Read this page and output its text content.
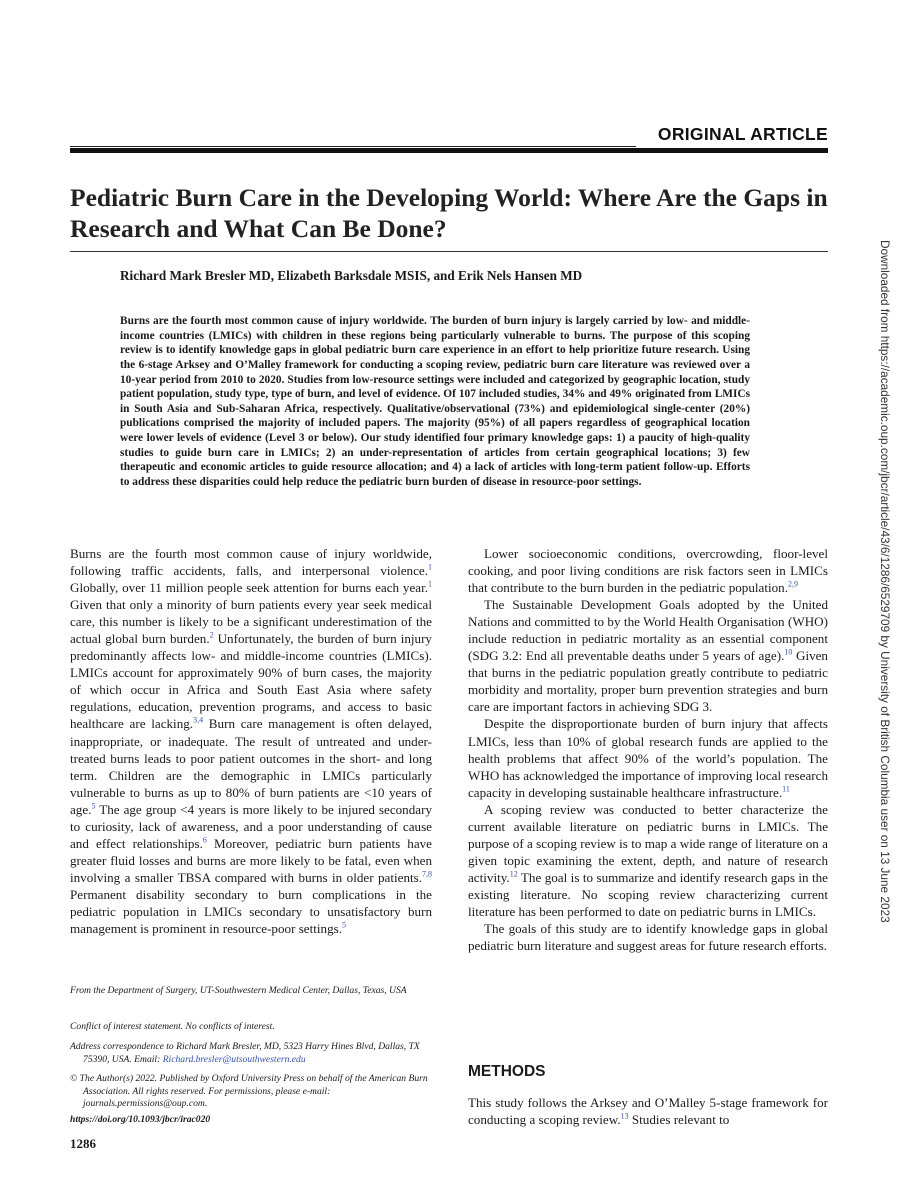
ORIGINAL ARTICLE
Pediatric Burn Care in the Developing World: Where Are the Gaps in Research and What Can Be Done?
Richard Mark Bresler MD, Elizabeth Barksdale MSIS, and Erik Nels Hansen MD
Burns are the fourth most common cause of injury worldwide. The burden of burn injury is largely carried by low- and middle-income countries (LMICs) with children in these regions being particularly vulnerable to burns. The purpose of this scoping review is to identify knowledge gaps in global pediatric burn care experience in an effort to help prioritize future research. Using the 6-stage Arksey and O’Malley framework for conducting a scoping review, pediatric burn care literature was reviewed over a 10-year period from 2010 to 2020. Studies from low-resource settings were included and categorized by geographic location, study patient population, study type, type of burn, and level of evidence. Of 107 included studies, 34% and 49% originated from LMICs in South Asia and Sub-Saharan Africa, respectively. Qualitative/observational (73%) and epidemiological single-center (20%) publications comprised the majority of included papers. The majority (95%) of all papers regardless of geographical location were lower levels of evidence (Level 3 or below). Our study identified four primary knowledge gaps: 1) a paucity of high-quality studies to guide burn care in LMICs; 2) an under-representation of articles from certain geographical locations; 3) few therapeutic and economic articles to guide resource allocation; and 4) a lack of articles with long-term patient follow-up. Efforts to address these disparities could help reduce the pediatric burn burden of disease in resource-poor settings.

Burns are the fourth most common cause of injury worldwide, following traffic accidents, falls, and interpersonal violence.$^1$ Globally, over 11 million people seek attention for burns each year.$^1$ Given that only a minority of burn patients every year seek medical care, this number is likely to be a significant underestimation of the actual global burn burden.$^2$ Unfortunately, the burden of burn injury predominantly affects low- and middle-income countries (LMICs). LMICs account for approximately 90% of burn cases, the majority of which occur in Africa and South East Asia where safety regulations, education, prevention programs, and access to basic healthcare are lacking.$^{3,4}$ Burn care management is often delayed, inappropriate, or inadequate. The result of untreated and under-treated burns leads to poor patient outcomes in the short- and long term. Children are the demographic in LMICs particularly vulnerable to burns as up to 80% of burn patients are <10 years of age.$^5$ The age group <4 years is more likely to be injured secondary to curiosity, lack of awareness, and a poor understanding of cause and effect relationships.$^6$ Moreover, pediatric burn patients have greater fluid losses and burns are more likely to be fatal, even when involving a smaller TBSA compared with burns in older patients.$^{7,8}$ Permanent disability secondary to burn complications in the pediatric population in LMICs secondary to unsatisfactory burn management is prominent in resource-poor settings.$^5$

Lower socioeconomic conditions, overcrowding, floor-level cooking, and poor living conditions are risk factors seen in LMICs that contribute to the burn burden in the pediatric population.$^{2,9}$

The Sustainable Development Goals adopted by the United Nations and committed to by the World Health Organisation (WHO) include reduction in pediatric mortality as an essential component (SDG 3.2: End all preventable deaths under 5 years of age).$^{10}$ Given that burns in the pediatric population greatly contribute to pediatric morbidity and mortality, proper burn prevention strategies and burn care are important factors in achieving SDG 3.

Despite the disproportionate burden of burn injury that affects LMICs, less than 10% of global research funds are applied to the health problems that affect 90% of the world’s population. The WHO has acknowledged the importance of improving local research capacity in developing sustainable healthcare infrastructure.$^{11}$

A scoping review was conducted to better characterize the current available literature on pediatric burns in LMICs. The purpose of a scoping review is to map a wide range of literature on a given topic examining the extent, depth, and nature of research activity.$^{12}$ The goal is to summarize and identify research gaps in the existing literature. No scoping review characterizing current literature has been performed to date on pediatric burns in LMICs.

The goals of this study are to identify knowledge gaps in global pediatric burn literature and suggest areas for future research efforts.

From the Department of Surgery, UT-Southwestern Medical Center, Dallas, Texas, USA
Conflict of interest statement. No conflicts of interest.
Address correspondence to Richard Mark Bresler, MD, 5323 Harry Hines Blvd, Dallas, TX 75390, USA. Email: Richard.bresler@utsouthwestern.edu
© The Author(s) 2022. Published by Oxford University Press on behalf of the American Burn Association. All rights reserved. For permissions, please e-mail: journals.permissions@oup.com.
https://doi.org/10.1093/jbcr/irac020
1286
METHODS

This study follows the Arksey and O’Malley 5-stage framework for conducting a scoping review.$^{13}$ Studies relevant to

Downloaded from https://academic.oup.com/jbcr/article/43/6/1286/6529709 by University of British Columbia user on 13 June 2023
